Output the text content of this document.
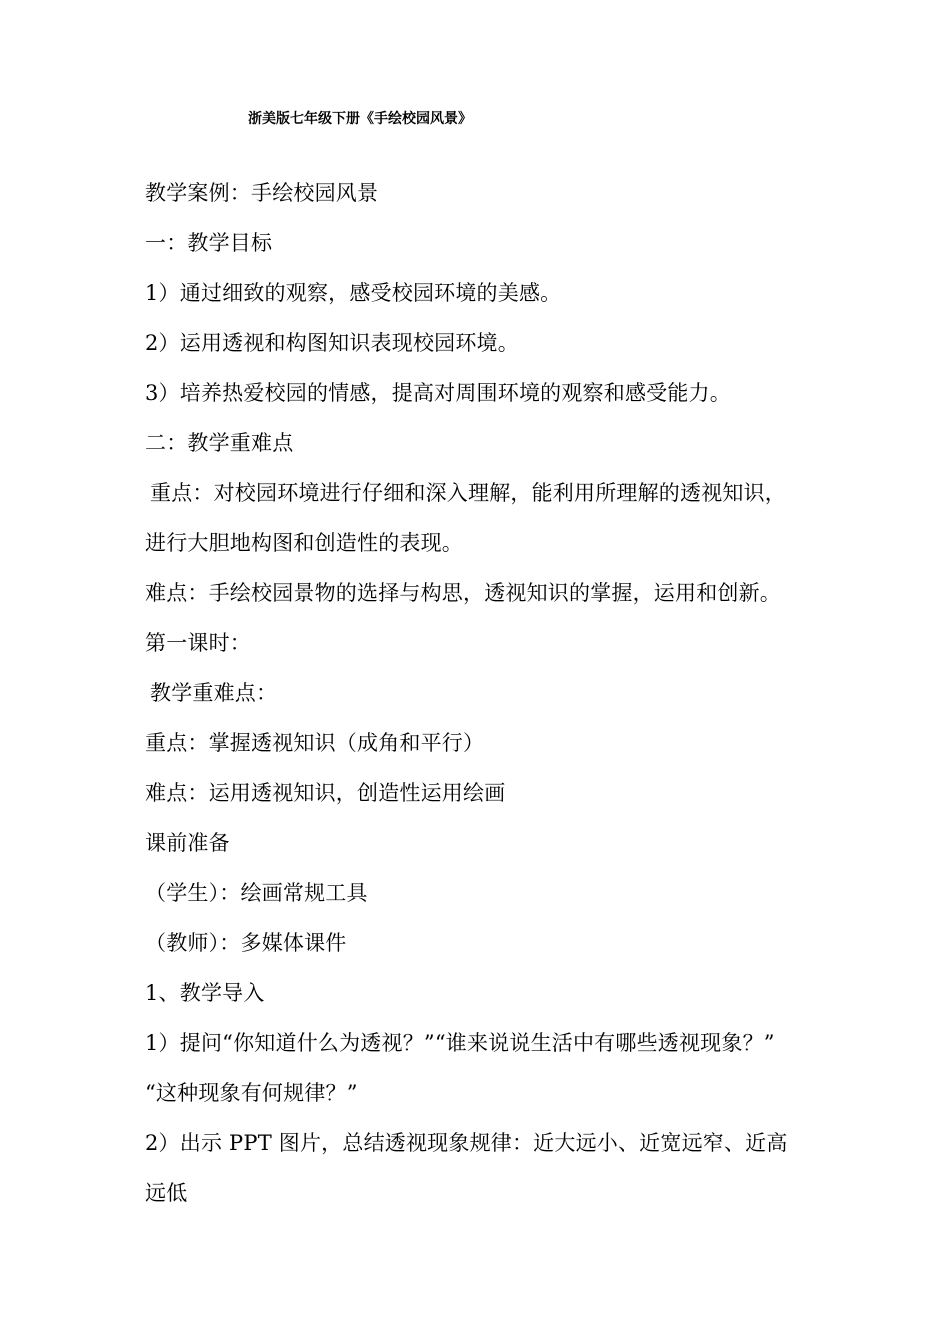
浙美版七年级下册《手绘校园风景》
教学案例：手绘校园风景
一：教学目标
1）通过细致的观察，感受校园环境的美感。
2）运用透视和构图知识表现校园环境。
3）培养热爱校园的情感，提高对周围环境的观察和感受能力。
二：教学重难点
重点：对校园环境进行仔细和深入理解，能利用所理解的透视知识，
进行大胆地构图和创造性的表现。
难点：手绘校园景物的选择与构思，透视知识的掌握，运用和创新。
第一课时：
教学重难点：
重点：掌握透视知识（成角和平行）
难点：运用透视知识，创造性运用绘画
课前准备
（学生）：绘画常规工具
（教师）：多媒体课件
1、教学导入
1）提问“你知道什么为透视？”“谁来说说生活中有哪些透视现象？”
“这种现象有何规律？”
2）出示 PPT 图片，总结透视现象规律：近大远小、近宽远窄、近高
远低
